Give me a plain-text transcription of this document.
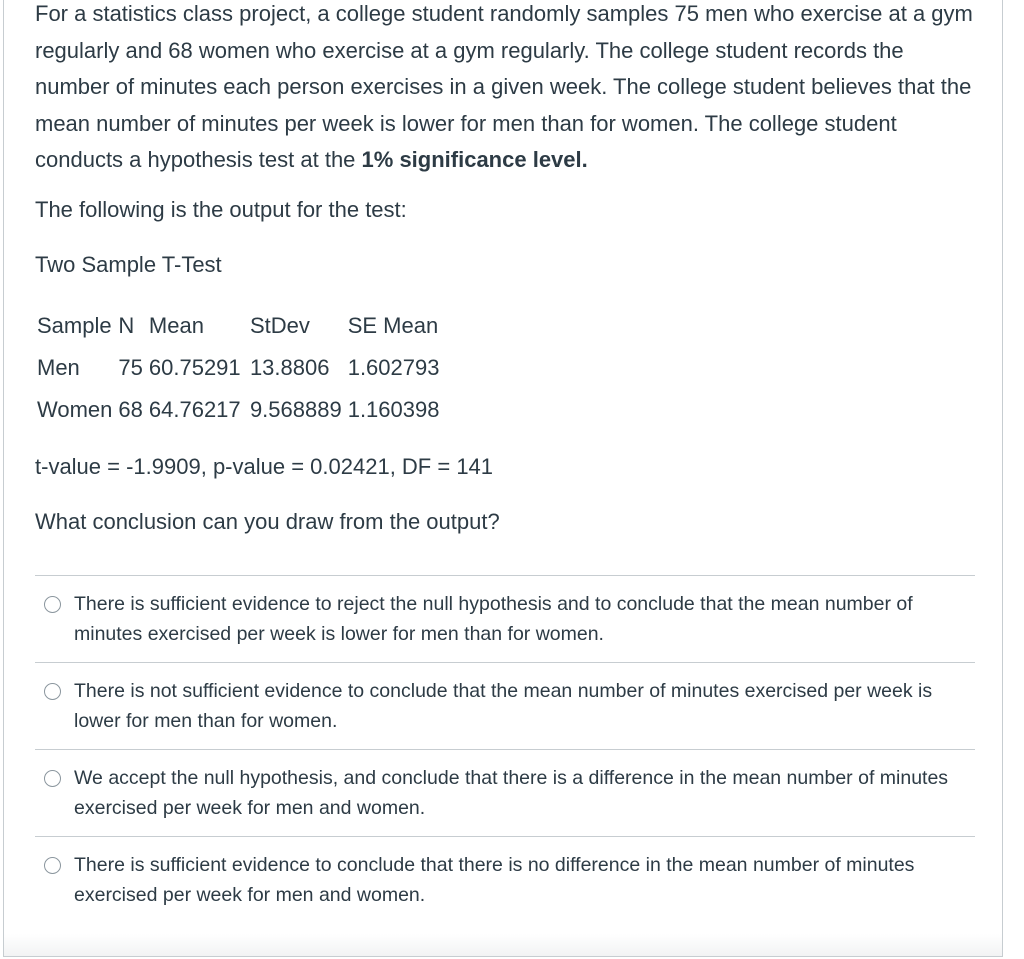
For a statistics class project, a college student randomly samples 75 men who exercise at a gym regularly and 68 women who exercise at a gym regularly. The college student records the number of minutes each person exercises in a given week. The college student believes that the mean number of minutes per week is lower for men than for women. The college student conducts a hypothesis test at the 1% significance level.

The following is the output for the test:
Two Sample T-Test
Sample	N	Mean	StDev	SE Mean
Men	75	60.75291	13.8806	1.602793
Women	68	64.76217	9.568889	1.160398
t-value = -1.9909, p-value = 0.02421, DF = 141
What conclusion can you draw from the output?
There is sufficient evidence to reject the null hypothesis and to conclude that the mean number of minutes exercised per week is lower for men than for women.
There is not sufficient evidence to conclude that the mean number of minutes exercised per week is lower for men than for women.
We accept the null hypothesis, and conclude that there is a difference in the mean number of minutes exercised per week for men and women.
There is sufficient evidence to conclude that there is no difference in the mean number of minutes exercised per week for men and women.
